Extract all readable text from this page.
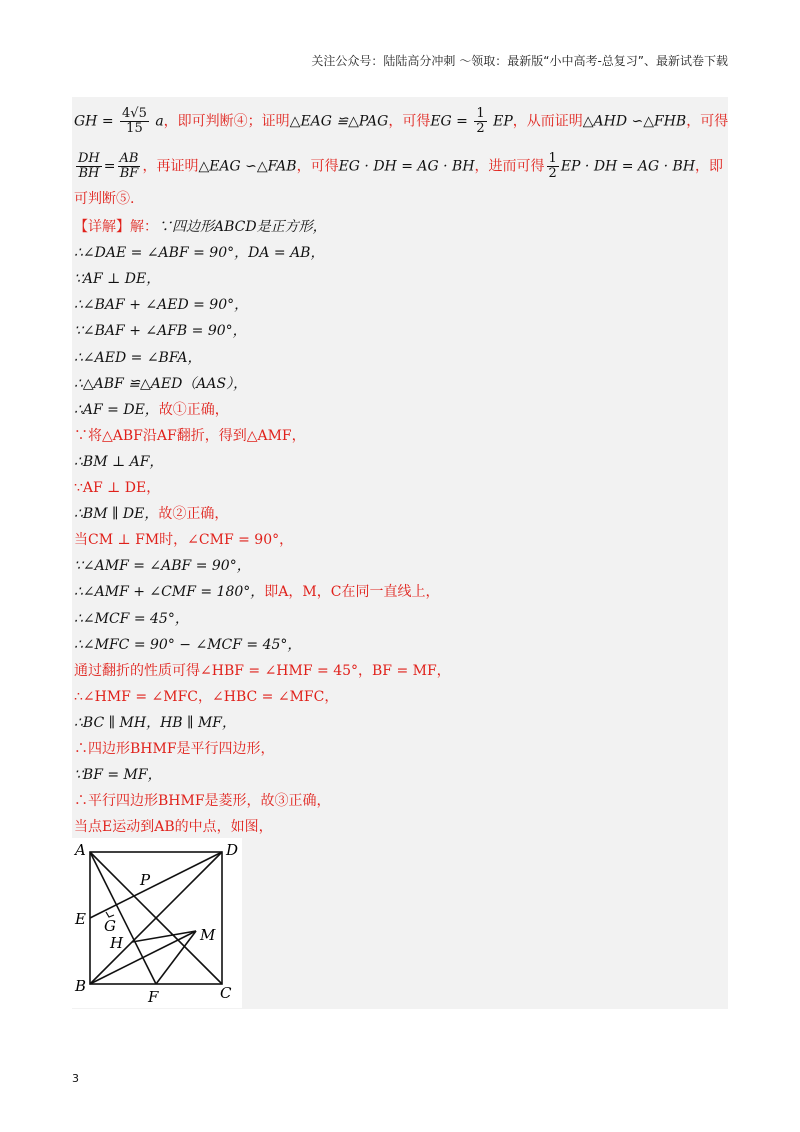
关注公众号：陆陆高分冲刺 ～领取：最新版“小中高考-总复习”、最新试卷下载
GH = $\frac{4√5}{15}$ a，即可判断④；证明△EAG ≌△PAG，可得EG = $\frac{1}{2}$ EP，从而证明△AHD ∽△FHB，可得
$\frac{DH}{BH} = \frac{AB}{BF}$ ，再证明△EAG ∽△FAB，可得EG · DH = AG · BH，进而可得 $\frac{1}{2}$ EP · DH = AG · BH，即
可判断⑤.
【详解】解：∵四边形ABCD是正方形，
∴∠DAE = ∠ABF = 90°，DA = AB，
∵AF ⊥ DE，
∴∠BAF + ∠AED = 90°，
∵∠BAF + ∠AFB = 90°，
∴∠AED = ∠BFA，
∴△ABF ≌△AED（AAS），
∴AF = DE，故①正确，
∵将△ABF沿AF翻折，得到△AMF，
∴BM ⊥ AF，
∵AF ⊥ DE，
∴BM ∥ DE，故②正确，
当CM ⊥ FM时，∠CMF = 90°，
∵∠AMF = ∠ABF = 90°，
∴∠AMF + ∠CMF = 180°，即A，M，C在同一直线上，
∴∠MCF = 45°，
∴∠MFC = 90° − ∠MCF = 45°，
通过翻折的性质可得∠HBF = ∠HMF = 45°，BF = MF，
∴∠HMF = ∠MFC，∠HBC = ∠MFC，
∴BC ∥ MH，HB ∥ MF，
∴四边形BHMF是平行四边形，
∵BF = MF，
∴平行四边形BHMF是菱形，故③正确，
当点E运动到AB的中点，如图，
A	D
P
E G
H	M
B
F	C
3
